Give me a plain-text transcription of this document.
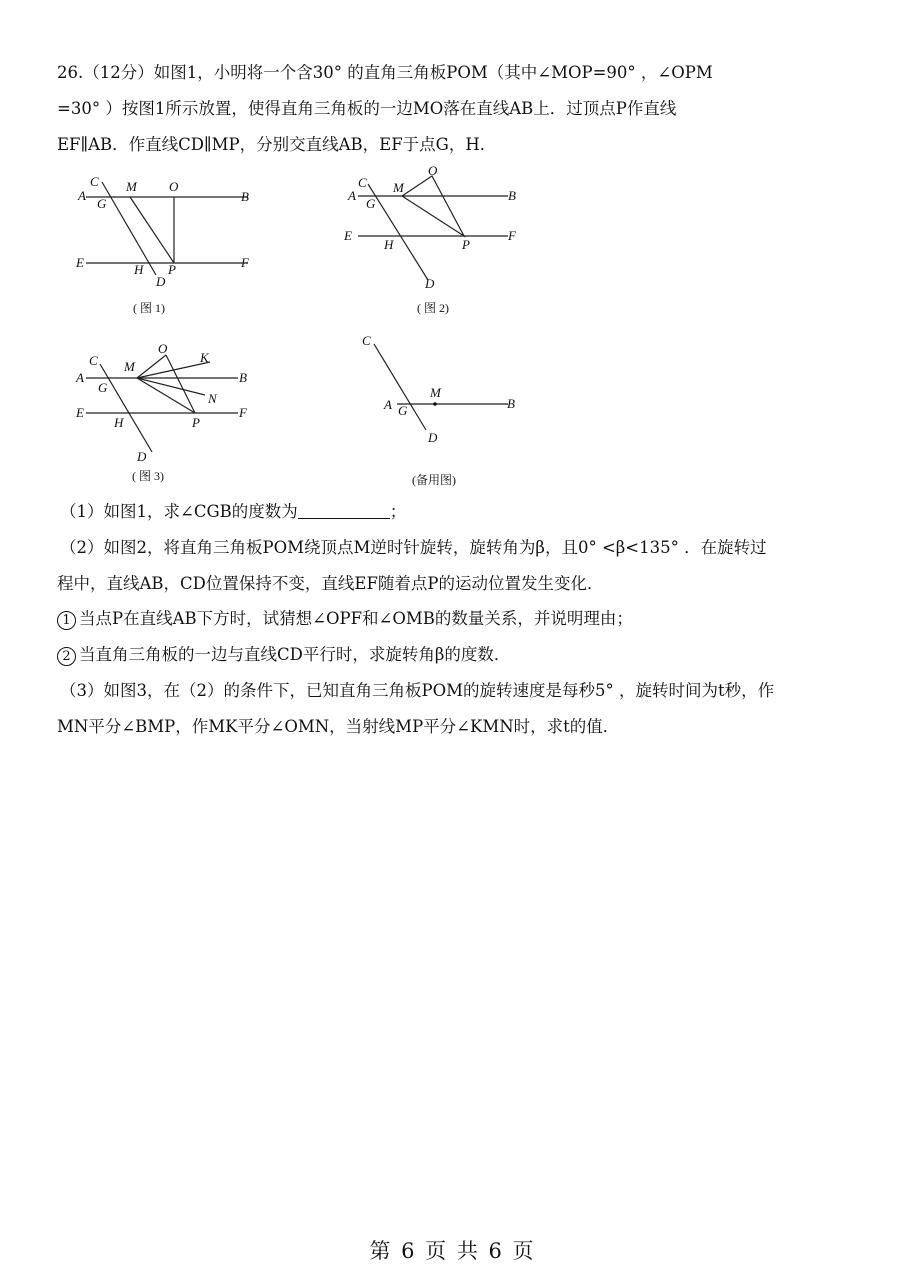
26.（12分）如图1，小明将一个含30° 的直角三角板POM（其中∠MOP=90° ，∠OPM
=30° ）按图1所示放置，使得直角三角板的一边MO落在直线AB上．过顶点P作直线
EF∥AB．作直线CD∥MP，分别交直线AB，EF于点G，H．
A	B
C
G
M O
E	F
H P
D
( 图 1)
A	B
C
G
M
O
E	F
H	P
D
( 图 2)
A	B
C
G
M
O
K
N
E	F
H	P
D
( 图 3)
C
M
A G	B
D
(备用图)
（1）如图1，求∠CGB的度数为	；
（2）如图2，将直角三角板POM绕顶点M逆时针旋转，旋转角为β，且0° <β<135° ．在旋转过
程中，直线AB，CD位置保持不变，直线EF随着点P的运动位置发生变化．
1 当点P在直线AB下方时，试猜想∠OPF和∠OMB的数量关系，并说明理由；
2 当直角三角板的一边与直线CD平行时，求旋转角β的度数．
（3）如图3，在（2）的条件下，已知直角三角板POM的旋转速度是每秒5° ，旋转时间为t秒，作
MN平分∠BMP，作MK平分∠OMN，当射线MP平分∠KMN时，求t的值．
第 6 页 共 6 页
